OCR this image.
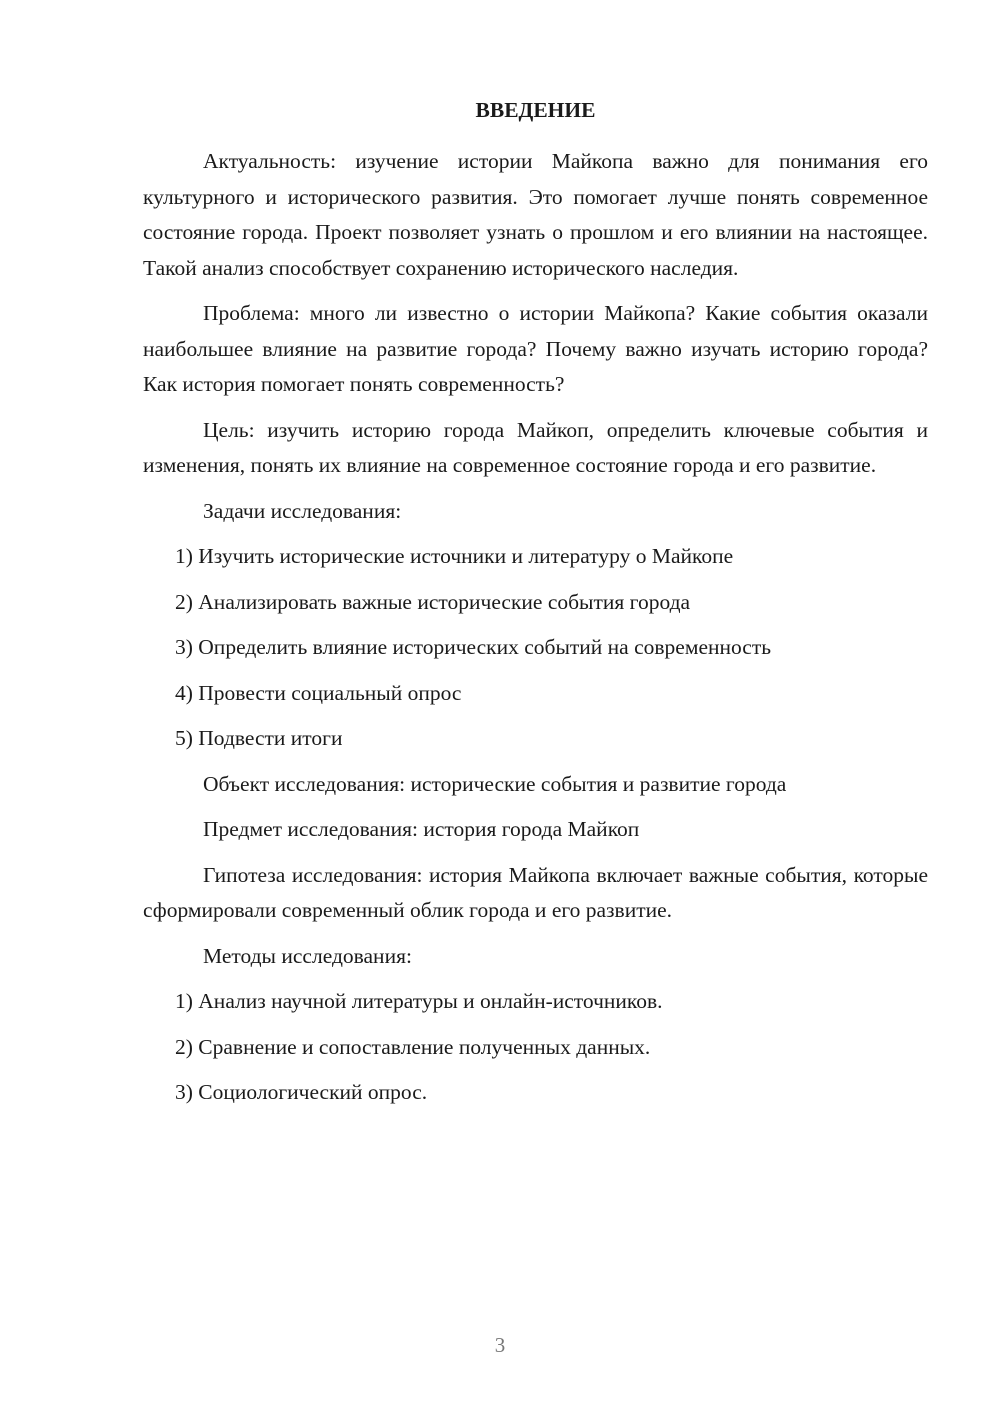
ВВЕДЕНИЕ

Актуальность: изучение истории Майкопа важно для понимания его культурного и исторического развития. Это помогает лучше понять современное состояние города. Проект позволяет узнать о прошлом и его влиянии на настоящее. Такой анализ способствует сохранению исторического наследия.

Проблема: много ли известно о истории Майкопа? Какие события оказали наибольшее влияние на развитие города? Почему важно изучать историю города? Как история помогает понять современность?

Цель: изучить историю города Майкоп, определить ключевые события и изменения, понять их влияние на современное состояние города и его развитие.

Задачи исследования:
1) Изучить исторические источники и литературу о Майкопе
2) Анализировать важные исторические события города
3) Определить влияние исторических событий на современность
4) Провести социальный опрос
5) Подвести итоги
Объект исследования: исторические события и развитие города
Предмет исследования: история города Майкоп

Гипотеза исследования: история Майкопа включает важные события, которые сформировали современный облик города и его развитие.

Методы исследования:
1) Анализ научной литературы и онлайн-источников.
2) Сравнение и сопоставление полученных данных.
3) Социологический опрос.
3
